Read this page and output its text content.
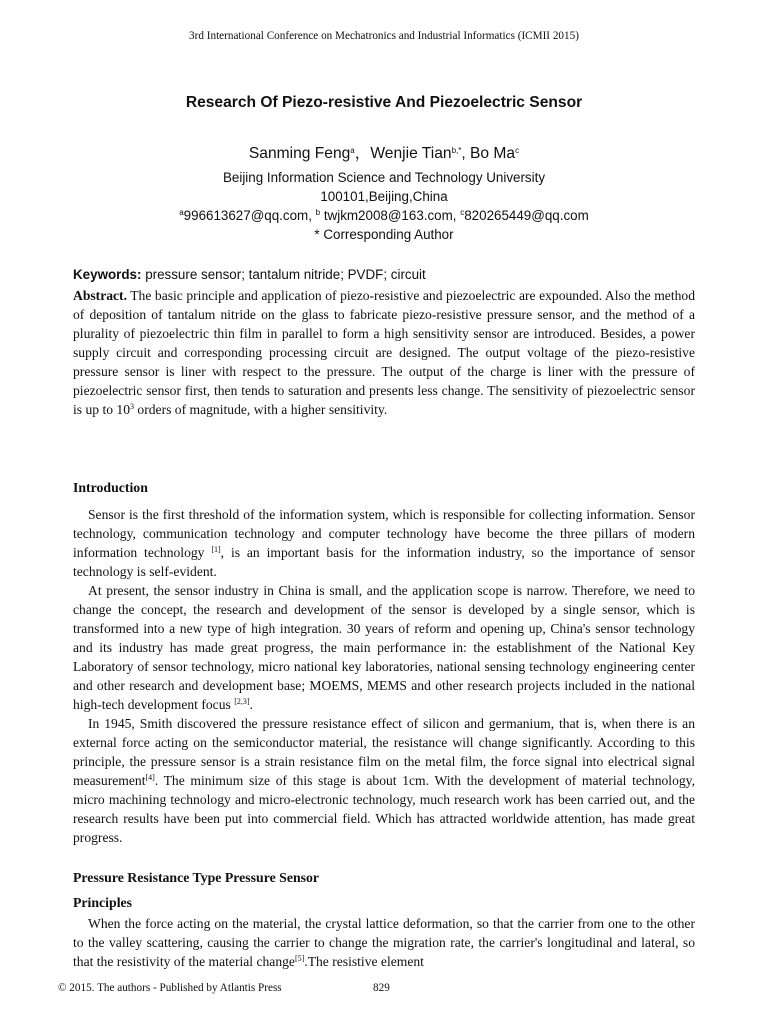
3rd International Conference on Mechatronics and Industrial Informatics (ICMII 2015)
Research Of Piezo-resistive And Piezoelectric Sensor
Sanming Feng$^a$，Wenjie Tian$^{b,*}$, Bo Ma$^c$
Beijing Information Science and Technology University
100101,Beijing,China
$^a$996613627@qq.com, $^b$ twjkm2008@163.com, $^c$820265449@qq.com
* Corresponding Author
Keywords: pressure sensor; tantalum nitride; PVDF; circuit
Abstract. The basic principle and application of piezo-resistive and piezoelectric are expounded. Also the method of deposition of tantalum nitride on the glass to fabricate piezo-resistive pressure sensor, and the method of a plurality of piezoelectric thin film in parallel to form a high sensitivity sensor are introduced. Besides, a power supply circuit and corresponding processing circuit are designed. The output voltage of the piezo-resistive pressure sensor is liner with respect to the pressure. The output of the charge is liner with the pressure of piezoelectric sensor first, then tends to saturation and presents less change. The sensitivity of piezoelectric sensor is up to $10^3$ orders of magnitude, with a higher sensitivity.
Introduction

Sensor is the first threshold of the information system, which is responsible for collecting information. Sensor technology, communication technology and computer technology have become the three pillars of modern information technology [1], is an important basis for the information industry, so the importance of sensor technology is self-evident.

At present, the sensor industry in China is small, and the application scope is narrow. Therefore, we need to change the concept, the research and development of the sensor is developed by a single sensor, which is transformed into a new type of high integration. 30 years of reform and opening up, China's sensor technology and its industry has made great progress, the main performance in: the establishment of the National Key Laboratory of sensor technology, micro national key laboratories, national sensing technology engineering center and other research and development base; MOEMS, MEMS and other research projects included in the national high-tech development focus [2,3].

In 1945, Smith discovered the pressure resistance effect of silicon and germanium, that is, when there is an external force acting on the semiconductor material, the resistance will change significantly. According to this principle, the pressure sensor is a strain resistance film on the metal film, the force signal into electrical signal measurement[4]. The minimum size of this stage is about 1cm. With the development of material technology, micro machining technology and micro-electronic technology, much research work has been carried out, and the research results have been put into commercial field. Which has attracted worldwide attention, has made great progress.

Pressure Resistance Type Pressure Sensor
Principles

When the force acting on the material, the crystal lattice deformation, so that the carrier from one to the other to the valley scattering, causing the carrier to change the migration rate, the carrier's longitudinal and lateral, so that the resistivity of the material change[5].The resistive element

© 2015. The authors - Published by Atlantis Press	829
